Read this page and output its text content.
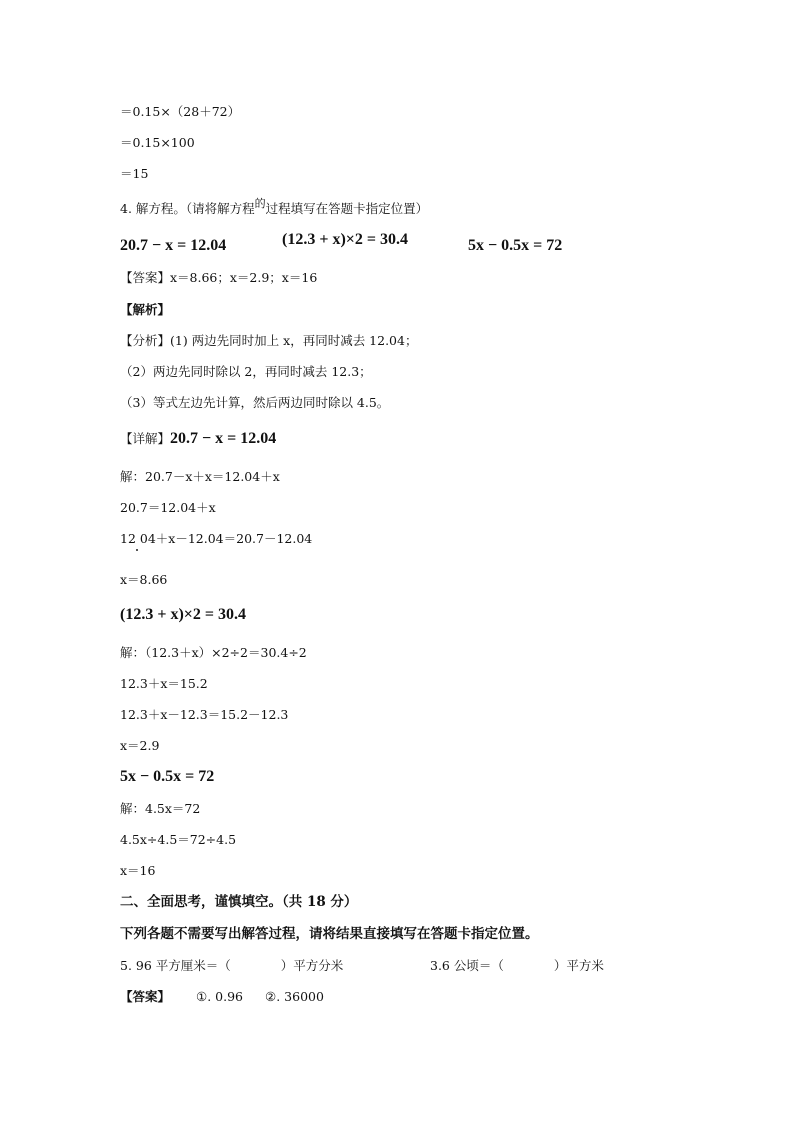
＝0.15×（28＋72）
＝0.15×100
＝15
4. 解方程。（请将解方程的过程填写在答题卡指定位置）
20.7 − x = 12.04	(12.3 + x)×2 = 30.4	5x − 0.5x = 72
【答案】x＝8.66；x＝2.9；x＝16
【解析】
【分析】(1) 两边先同时加上 x，再同时减去 12.04；
（2）两边先同时除以 2，再同时减去 12.3；
（3）等式左边先计算，然后两边同时除以 4.5。
【详解】20.7 − x = 12.04
解：20.7－x＋x＝12.04＋x
20.7＝12.04＋x
12 04＋x－12.04＝20.7－12.04
x＝8.66
(12.3 + x)×2 = 30.4
解：（12.3＋x）×2÷2＝30.4÷2
12.3＋x＝15.2
12.3＋x－12.3＝15.2－12.3
x＝2.9
5x − 0.5x = 72
解：4.5x＝72
4.5x÷4.5＝72÷4.5
x＝16
二、全面思考，谨慎填空。（共 18 分）
下列各题不需要写出解答过程，请将结果直接填写在答题卡指定位置。
5. 96 平方厘米＝（　　　　）平方分米	3.6 公顷＝（　　　　）平方米
【答案】 ①. 0.96 ②. 36000
